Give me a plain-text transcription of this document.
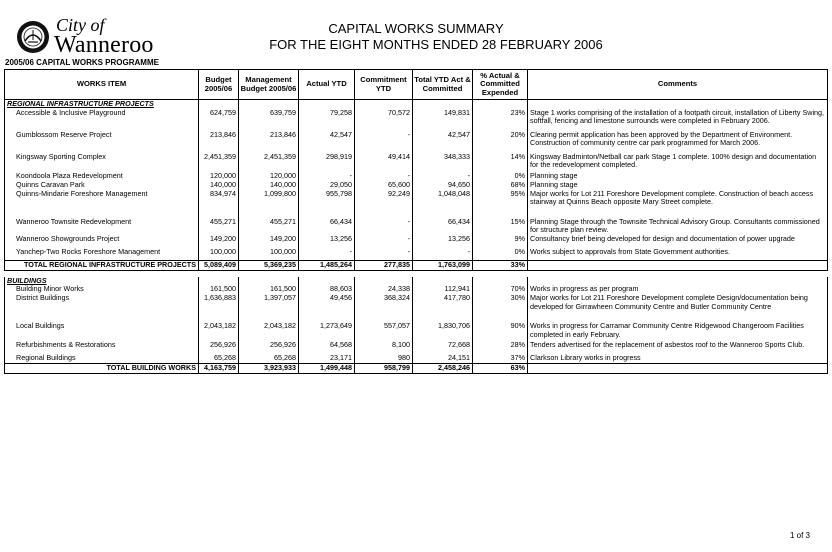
City of
Wanneroo
CAPITAL WORKS SUMMARY
FOR THE EIGHT MONTHS ENDED 28 FEBRUARY 2006
2005/06 CAPITAL WORKS PROGRAMME
WORKS ITEM	Budget 2005/06	Management Budget 2005/06	Actual YTD	Commitment YTD	Total YTD Act & Committed	% Actual & Committed Expended	Comments
REGIONAL INFRASTRUCTURE PROJECTS							
Accessible & Inclusive Playground	624,759	639,759	79,258	70,572	149,831	23%	Stage 1 works comprising of the installation of a footpath circuit, installation of Liberty Swing, softfall, fencing and limestone surrounds were completed in February 2006.
Gumblossom Reserve Project	213,846	213,846	42,547	-	42,547	20%	Clearing permit application has been approved by the Department of Environment. Construction of community centre car park programmed for March 2006.
Kingsway Sporting Complex	2,451,359	2,451,359	298,919	49,414	348,333	14%	Kingsway Badminton/Netball car park Stage 1 complete. 100% design and documentation for the redevelopment completed.
Koondoola Plaza Redevelopment	120,000	120,000	-	-	-	0%	Planning stage
Quinns Caravan Park	140,000	140,000	29,050	65,600	94,650	68%	Planning stage
Quinns-Mindarie Foreshore Management	834,974	1,099,800	955,798	92,249	1,048,048	95%	Major works for Lot 211 Foreshore Development complete. Construction of beach access stairway at Quinns Beach opposite Mary Street complete.
Wanneroo Townsite Redevelopment	455,271	455,271	66,434	-	66,434	15%	Planning Stage through the Townsite Technical Advisory Group. Consultants commissioned for structure plan review.
Wanneroo Showgrounds Project	149,200	149,200	13,256	-	13,256	9%	Consultancy brief being developed for design and documentation of power upgrade
Yanchep-Two Rocks Foreshore Management	100,000	100,000	-	-	-	0%	Works subject to approvals from State Government authorities.
TOTAL REGIONAL INFRASTRUCTURE PROJECTS	5,089,409	5,369,235	1,485,264	277,835	1,763,099	33%	

BUILDINGS							
Building Minor Works	161,500	161,500	88,603	24,338	112,941	70%	Works in progress as per program
District Buildings	1,636,883	1,397,057	49,456	368,324	417,780	30%	Major works for Lot 211 Foreshore Development complete Design/documentation being developed for Girrawheen Community Centre and Butler Community Centre
Local Buildings	2,043,182	2,043,182	1,273,649	557,057	1,830,706	90%	Works in progress for Carramar Community Centre Ridgewood Changeroom Facilities completed in early February.
Refurbishments & Restorations	256,926	256,926	64,568	8,100	72,668	28%	Tenders advertised for the replacement of asbestos roof to the Wanneroo Sports Club.
Regional Buildings	65,268	65,268	23,171	980	24,151	37%	Clarkson Library works in progress
TOTAL BUILDING WORKS	4,163,759	3,923,933	1,499,448	958,799	2,458,246	63%	
1 of 3
